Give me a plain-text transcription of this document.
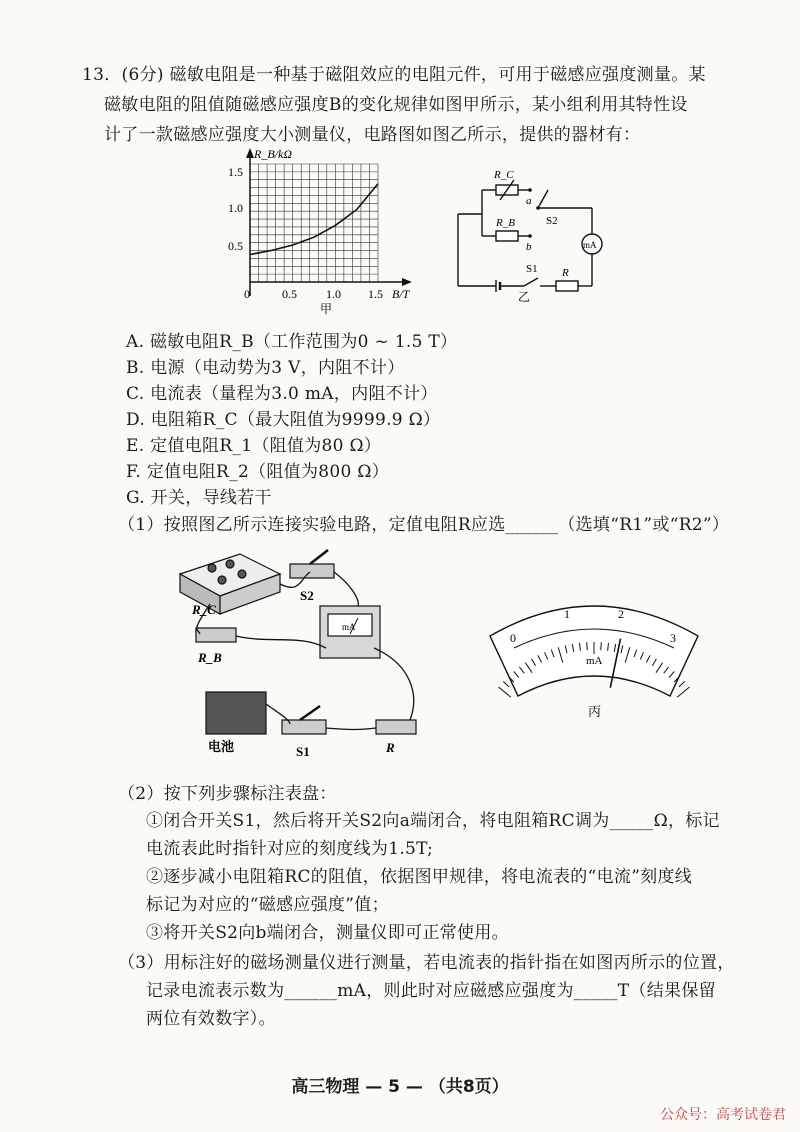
13．(6分) 磁敏电阻是一种基于磁阻效应的电阻元件，可用于磁感应强度测量。某
磁敏电阻的阻值随磁感应强度B的变化规律如图甲所示，某小组利用其特性设
计了一款磁感应强度大小测量仪，电路图如图乙所示，提供的器材有：
R_B/kΩ
1.5
1.0
0.5
0	0.5 1.0 1.5 B/T
甲
R_C
R_B
a
b
S2
mA
S1 R
乙
A. 磁敏电阻R_B（工作范围为0 ~ 1.5 T）
B. 电源（电动势为3 V，内阻不计）
C. 电流表（量程为3.0 mA，内阻不计）
D. 电阻箱R_C（最大阻值为9999.9 Ω）
E. 定值电阻R_1（阻值为80 Ω）
F. 定值电阻R_2（阻值为800 Ω）
G. 开关，导线若干
（1）按照图乙所示连接实验电路，定值电阻R应选______（选填“R1”或“R2”）
R_C
S2
R_B
mA
电池	S1	R
0
1	2
3
mA
丙
（2）按下列步骤标注表盘：
①闭合开关S1，然后将开关S2向a端闭合，将电阻箱RC调为_____Ω，标记
电流表此时指针对应的刻度线为1.5T;
②逐步减小电阻箱RC的阻值，依据图甲规律，将电流表的“电流”刻度线
标记为对应的“磁感应强度”值；
③将开关S2向b端闭合，测量仪即可正常使用。
（3）用标注好的磁场测量仪进行测量，若电流表的指针指在如图丙所示的位置，
记录电流表示数为______mA，则此时对应磁感应强度为_____T（结果保留
两位有效数字）。
高三物理 — 5 — （共8页）
公众号：高考试卷君
